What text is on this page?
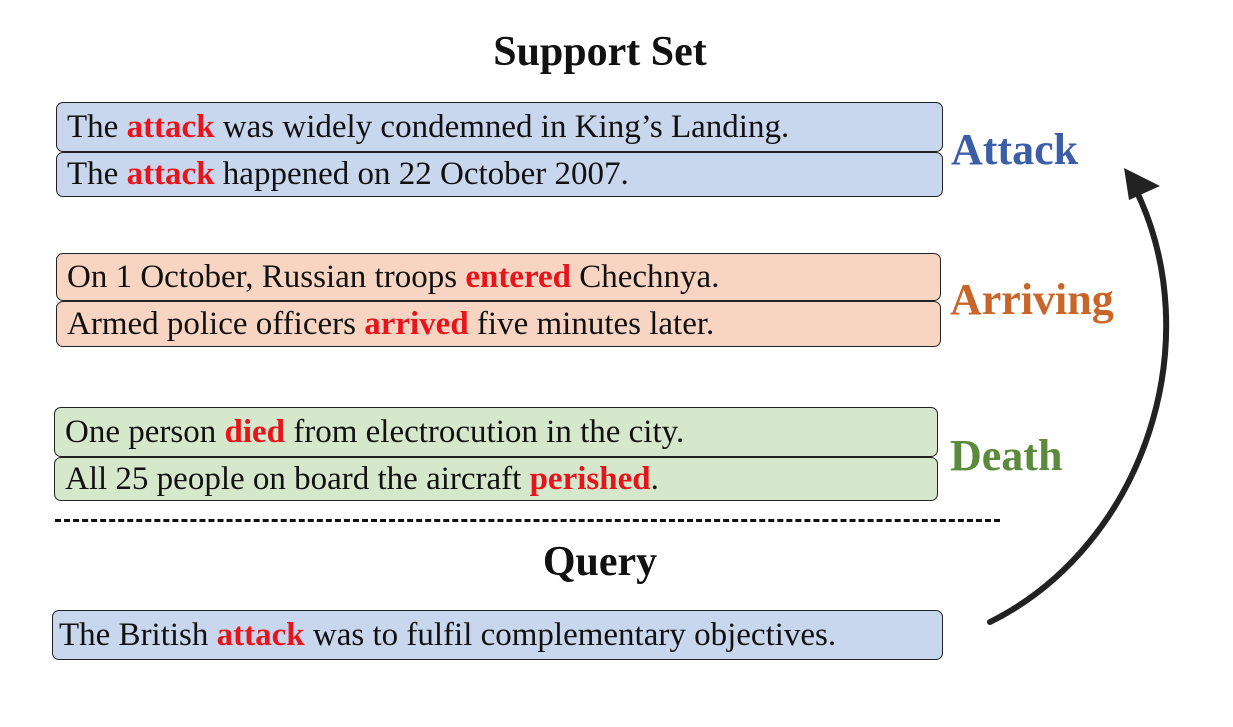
Support Set
The attack was widely condemned in King’s Landing.
The attack happened on 22 October 2007.	Attack
On 1 October, Russian troops entered Chechnya.
Armed police officers arrived five minutes later.	Arriving
One person died from electrocution in the city.
All 25 people on board the aircraft perished .	Death
Query
The British attack was to fulfil complementary objectives.
